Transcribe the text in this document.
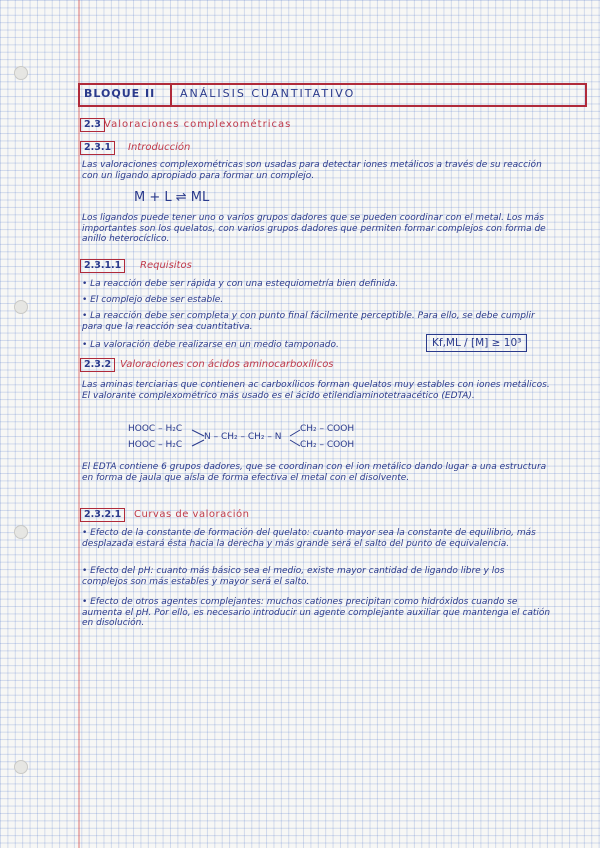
BLOQUE II ANÁLISIS CUANTITATIVO
2.3 Valoraciones complexométricas
2.3.1	Introducción
Las valoraciones complexométricas son usadas para detectar iones metálicos a través de su reacción con un ligando apropiado para formar un complejo.
M + L ⇌ ML
Los ligandos puede tener uno o varios grupos dadores que se pueden coordinar con el metal. Los más importantes son los quelatos, con varios grupos dadores que permiten formar complejos con forma de anillo heterocíclico.
2.3.1.1	Requisitos
• La reacción debe ser rápida y con una estequiometría bien definida.
• El complejo debe ser estable.
• La reacción debe ser completa y con punto final fácilmente perceptible. Para ello, se debe cumplir para que la reacción sea cuantitativa.
• La valoración debe realizarse en un medio tamponado.	Kf,ML / [M] ≥ 10³
2.3.2 Valoraciones con ácidos aminocarboxílicos
Las aminas terciarias que contienen ac carboxílicos forman quelatos muy estables con iones metálicos. El valorante complexométrico más usado es el ácido etilendiaminotetraacético (EDTA).
HOOC – H₂C
HOOC – H₂C
N – CH₂ – CH₂ – N
CH₂ – COOH
CH₂ – COOH
El EDTA contiene 6 grupos dadores, que se coordinan con el ion metálico dando lugar a una estructura en forma de jaula que aísla de forma efectiva el metal con el disolvente.
2.3.2.1	Curvas de valoración
• Efecto de la constante de formación del quelato: cuanto mayor sea la constante de equilibrio, más desplazada estará ésta hacia la derecha y más grande será el salto del punto de equivalencia.
• Efecto del pH: cuanto más básico sea el medio, existe mayor cantidad de ligando libre y los complejos son más estables y mayor será el salto.
• Efecto de otros agentes complejantes: muchos cationes precipitan como hidróxidos cuando se aumenta el pH. Por ello, es necesario introducir un agente complejante auxiliar que mantenga el catión en disolución.
